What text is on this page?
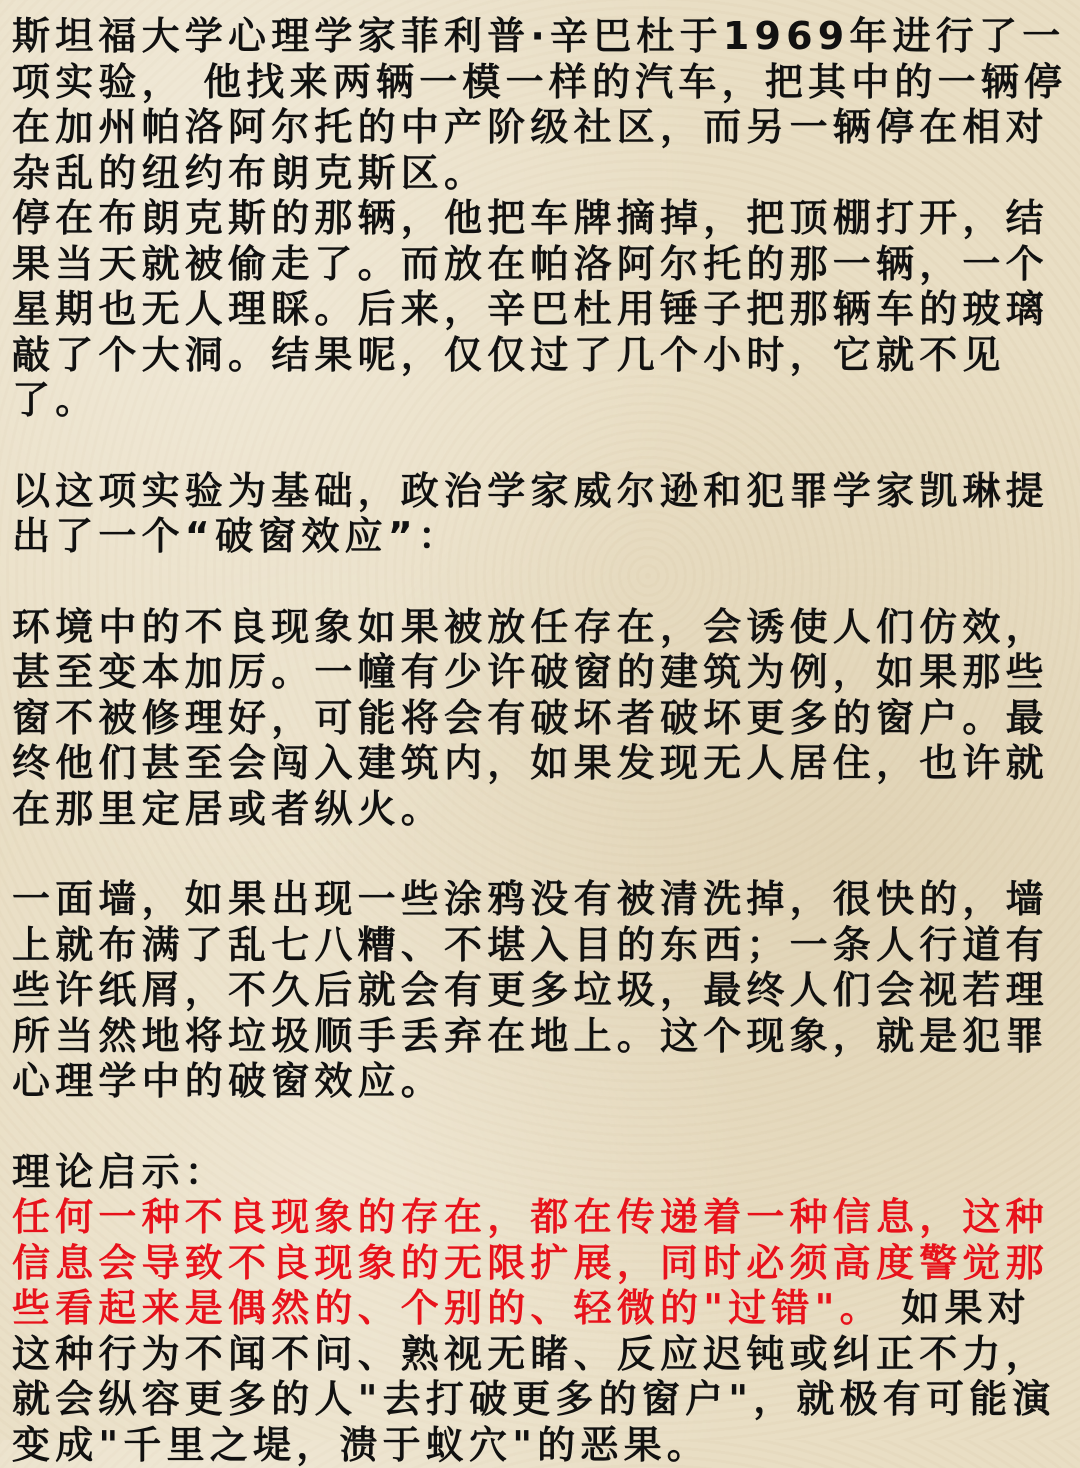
斯坦福大学心理学家菲利普·辛巴杜于1969年进行了一项实验， 他找来两辆一模一样的汽车，把其中的一辆停在加州帕洛阿尔托的中产阶级社区，而另一辆停在相对杂乱的纽约布朗克斯区。

停在布朗克斯的那辆，他把车牌摘掉，把顶棚打开，结果当天就被偷走了。而放在帕洛阿尔托的那一辆，一个星期也无人理睬。后来，辛巴杜用锤子把那辆车的玻璃敲了个大洞。结果呢，仅仅过了几个小时，它就不见了。

以这项实验为基础，政治学家威尔逊和犯罪学家凯琳提出了一个“破窗效应”：

环境中的不良现象如果被放任存在，会诱使人们仿效，甚至变本加厉。一幢有少许破窗的建筑为例，如果那些窗不被修理好，可能将会有破坏者破坏更多的窗户。最终他们甚至会闯入建筑内，如果发现无人居住，也许就在那里定居或者纵火。

一面墙，如果出现一些涂鸦没有被清洗掉，很快的，墙上就布满了乱七八糟、不堪入目的东西；一条人行道有些许纸屑，不久后就会有更多垃圾，最终人们会视若理所当然地将垃圾顺手丢弃在地上。这个现象，就是犯罪心理学中的破窗效应。

理论启示：

任何一种不良现象的存在，都在传递着一种信息，这种信息会导致不良现象的无限扩展，同时必须高度警觉那些看起来是偶然的、个别的、轻微的"过错"。 如果对这种行为不闻不问、熟视无睹、反应迟钝或纠正不力，就会纵容更多的人"去打破更多的窗户"，就极有可能演变成"千里之堤，溃于蚁穴"的恶果。
